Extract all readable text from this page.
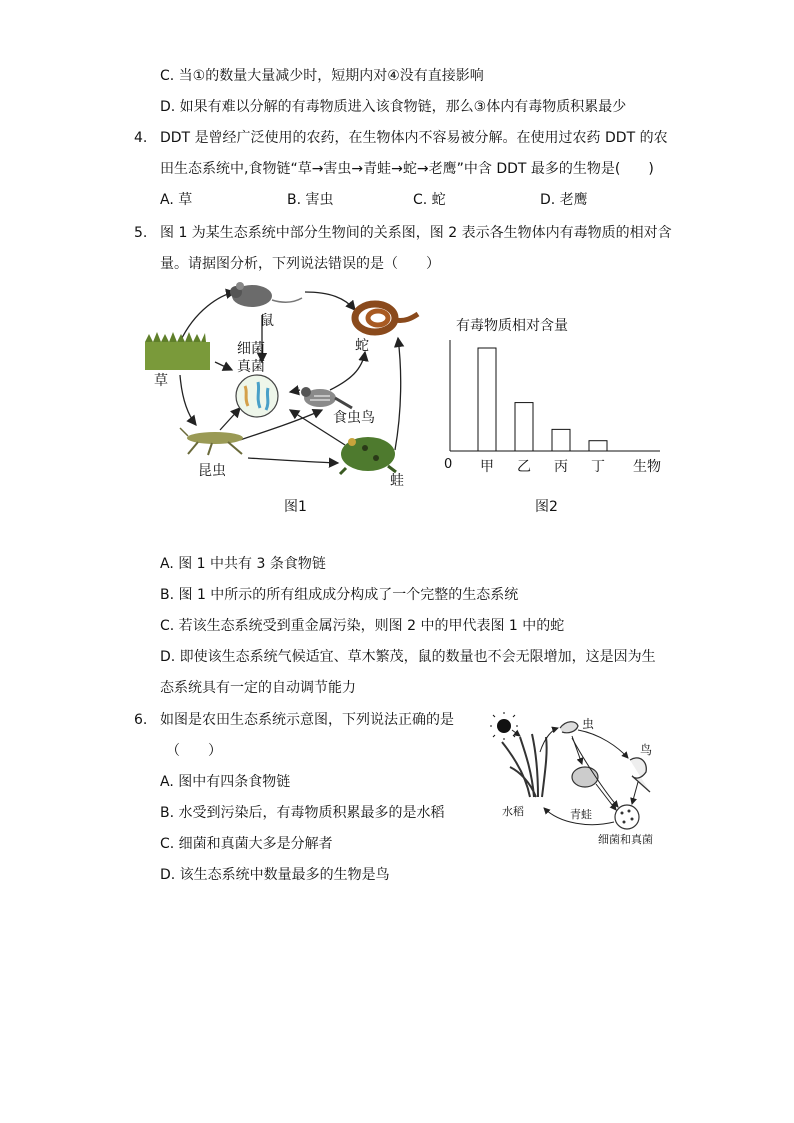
C. 当①的数量大量减少时，短期内对④没有直接影响
D. 如果有难以分解的有毒物质进入该食物链，那么③体内有毒物质积累最少
4. DDT 是曾经广泛使用的农药，在生物体内不容易被分解。在使用过农药 DDT 的农
田生态系统中,食物链“草→害虫→青蛙→蛇→老鹰”中含 DDT 最多的生物是(　　)
A. 草	B. 害虫	C. 蛇	D. 老鹰
5. 图 1 为某生态系统中部分生物间的关系图，图 2 表示各生物体内有毒物质的相对含
量。请据图分析，下列说法错误的是（　　）
鼠
蛇
草
细菌
真菌
食虫鸟
昆虫
蛙
有毒物质相对含量
0	生物
甲 乙 丙 丁
图1	图2
A. 图 1 中共有 3 条食物链
B. 图 1 中所示的所有组成成分构成了一个完整的生态系统
C. 若该生态系统受到重金属污染，则图 2 中的甲代表图 1 中的蛇
D. 即使该生态系统气候适宜、草木繁茂，鼠的数量也不会无限增加，这是因为生
态系统具有一定的自动调节能力
6. 如图是农田生态系统示意图，下列说法正确的是
（　　）
A. 图中有四条食物链
B. 水受到污染后，有毒物质积累最多的是水稻
C. 细菌和真菌大多是分解者
D. 该生态系统中数量最多的生物是鸟
水稻
虫
鸟
青蛙
细菌和真菌
